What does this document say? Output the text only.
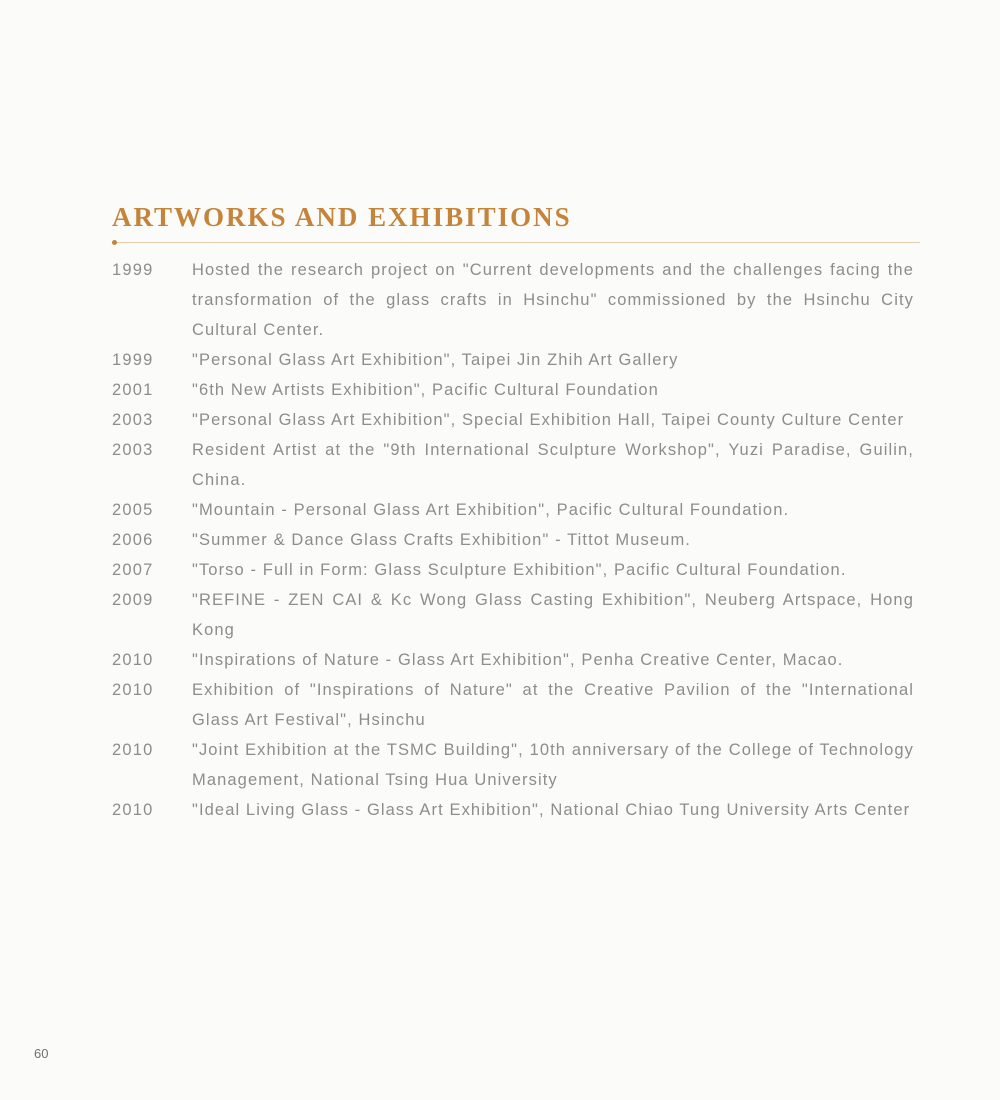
ARTWORKS AND EXHIBITIONS
1999	Hosted the research project on "Current developments and the challenges facing the transformation of the glass crafts in Hsinchu" commissioned by the Hsinchu City Cultural Center.
1999	"Personal Glass Art Exhibition", Taipei Jin Zhih Art Gallery
2001	"6th New Artists Exhibition", Pacific Cultural Foundation
2003	"Personal Glass Art Exhibition", Special Exhibition Hall, Taipei County Culture Center
2003	Resident Artist at the "9th International Sculpture Workshop", Yuzi Paradise, Guilin, China.
2005	"Mountain - Personal Glass Art Exhibition", Pacific Cultural Foundation.
2006	"Summer & Dance Glass Crafts Exhibition" - Tittot Museum.
2007	"Torso - Full in Form: Glass Sculpture Exhibition", Pacific Cultural Foundation.
2009	"REFINE - ZEN CAI & Kc Wong Glass Casting Exhibition", Neuberg Artspace, Hong Kong
2010	"Inspirations of Nature - Glass Art Exhibition", Penha Creative Center, Macao.
2010	Exhibition of "Inspirations of Nature" at the Creative Pavilion of the "International Glass Art Festival", Hsinchu
2010	"Joint Exhibition at the TSMC Building", 10th anniversary of the College of Technology Management, National Tsing Hua University
2010	"Ideal Living Glass - Glass Art Exhibition", National Chiao Tung University Arts Center
60
